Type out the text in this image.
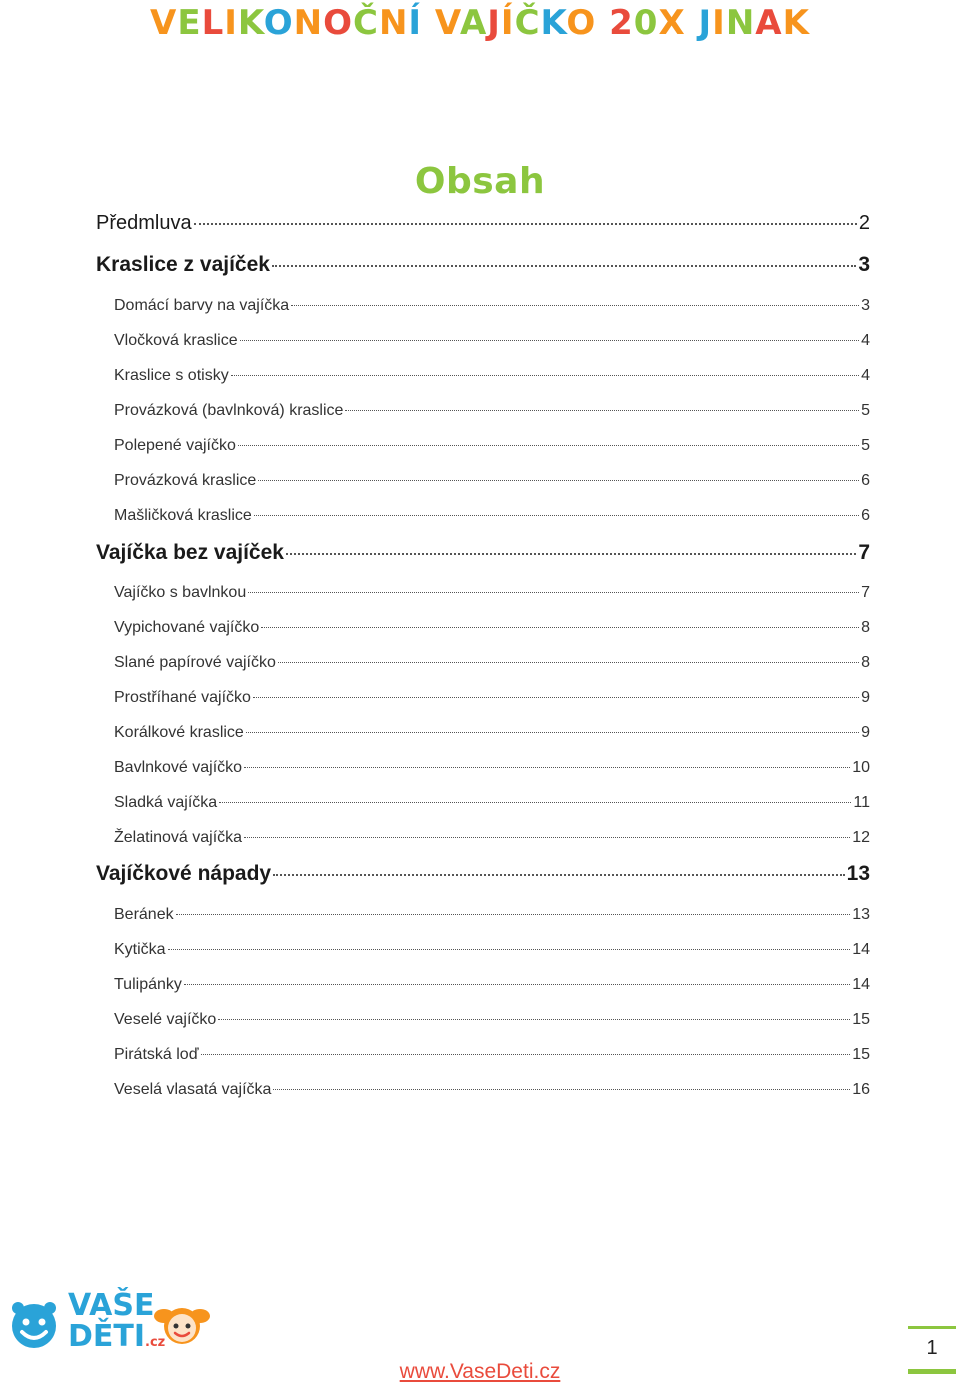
VELIKONOČNÍ VAJÍČKO 20X JINAK
Obsah
Předmluva	2
Kraslice z vajíček	3
Domácí barvy na vajíčka	3
Vločková kraslice	4
Kraslice s otisky	4
Provázková (bavlnková) kraslice	5
Polepené vajíčko	5
Provázková kraslice	6
Mašličková kraslice	6
Vajíčka bez vajíček	7
Vajíčko s bavlnkou	7
Vypichované vajíčko	8
Slané papírové vajíčko	8
Prostříhané vajíčko	9
Korálkové kraslice	9
Bavlnkové vajíčko	10
Sladká vajíčka	11
Želatinová vajíčka	12
Vajíčkové nápady	13
Beránek	13
Kytička	14
Tulipánky	14
Veselé vajíčko	15
Pirátská loď	15
Veselá vlasatá vajíčka	16
VAŠE
DĚTI.cz
www.VaseDeti.cz
1
